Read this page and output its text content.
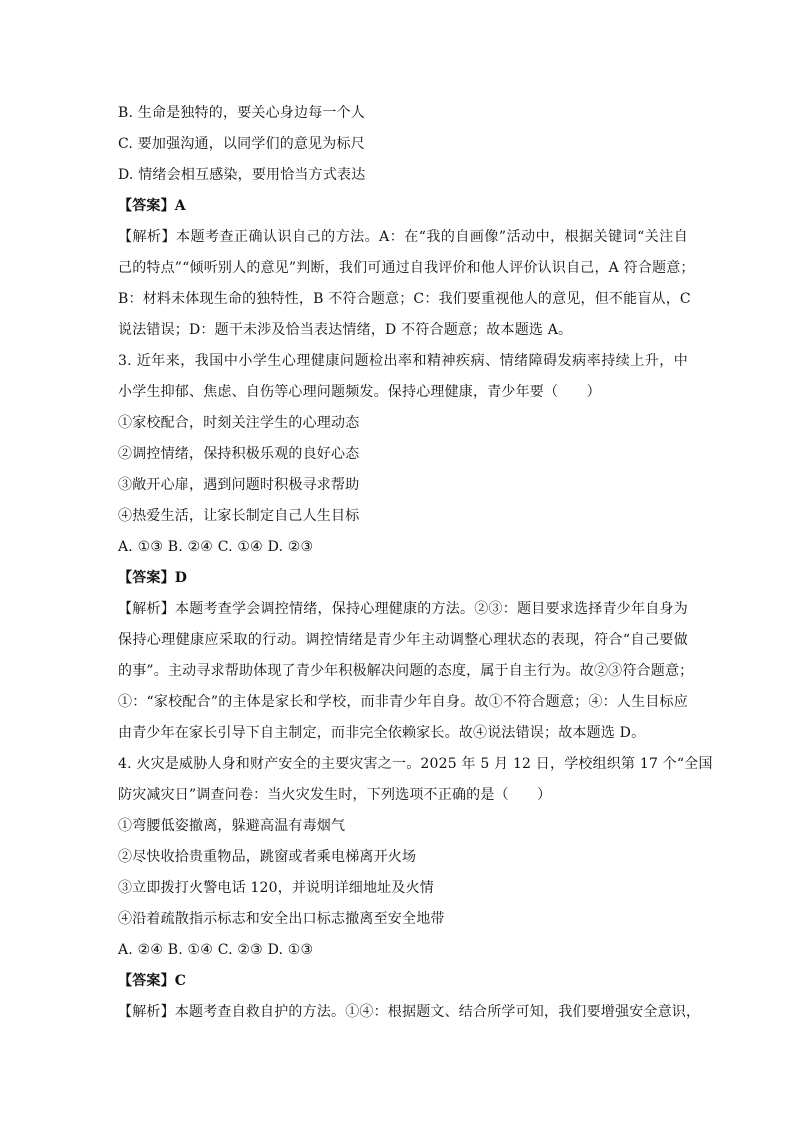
B. 生命是独特的，要关心身边每一个人
C. 要加强沟通，以同学们的意见为标尺
D. 情绪会相互感染，要用恰当方式表达
【答案】A
【解析】本题考查正确认识自己的方法。A：在“我的自画像”活动中，根据关键词“关注自
己的特点”“倾听别人的意见”判断，我们可通过自我评价和他人评价认识自己，A 符合题意；
B：材料未体现生命的独特性，B 不符合题意；C：我们要重视他人的意见，但不能盲从，C
说法错误；D：题干未涉及恰当表达情绪，D 不符合题意；故本题选 A。
3. 近年来，我国中小学生心理健康问题检出率和精神疾病、情绪障碍发病率持续上升，中
小学生抑郁、焦虑、自伤等心理问题频发。保持心理健康，青少年要（　　）
①家校配合，时刻关注学生的心理动态
②调控情绪，保持积极乐观的良好心态
③敞开心扉，遇到问题时积极寻求帮助
④热爱生活，让家长制定自己人生目标
A. ①③ B. ②④ C. ①④ D. ②③
【答案】D
【解析】本题考查学会调控情绪，保持心理健康的方法。②③：题目要求选择青少年自身为
保持心理健康应采取的行动。调控情绪是青少年主动调整心理状态的表现，符合“自己要做
的事”。主动寻求帮助体现了青少年积极解决问题的态度，属于自主行为。故②③符合题意；
①：“家校配合”的主体是家长和学校，而非青少年自身。故①不符合题意；④：人生目标应
由青少年在家长引导下自主制定，而非完全依赖家长。故④说法错误；故本题选 D。
4. 火灾是威胁人身和财产安全的主要灾害之一。2025 年 5 月 12 日，学校组织第 17 个“全国
防灾减灾日”调查问卷：当火灾发生时，下列选项不正确的是（　　）
①弯腰低姿撤离，躲避高温有毒烟气
②尽快收拾贵重物品，跳窗或者乘电梯离开火场
③立即拨打火警电话 120，并说明详细地址及火情
④沿着疏散指示标志和安全出口标志撤离至安全地带
A. ②④ B. ①④ C. ②③ D. ①③
【答案】C
【解析】本题考查自救自护的方法。①④：根据题文、结合所学可知，我们要增强安全意识，
